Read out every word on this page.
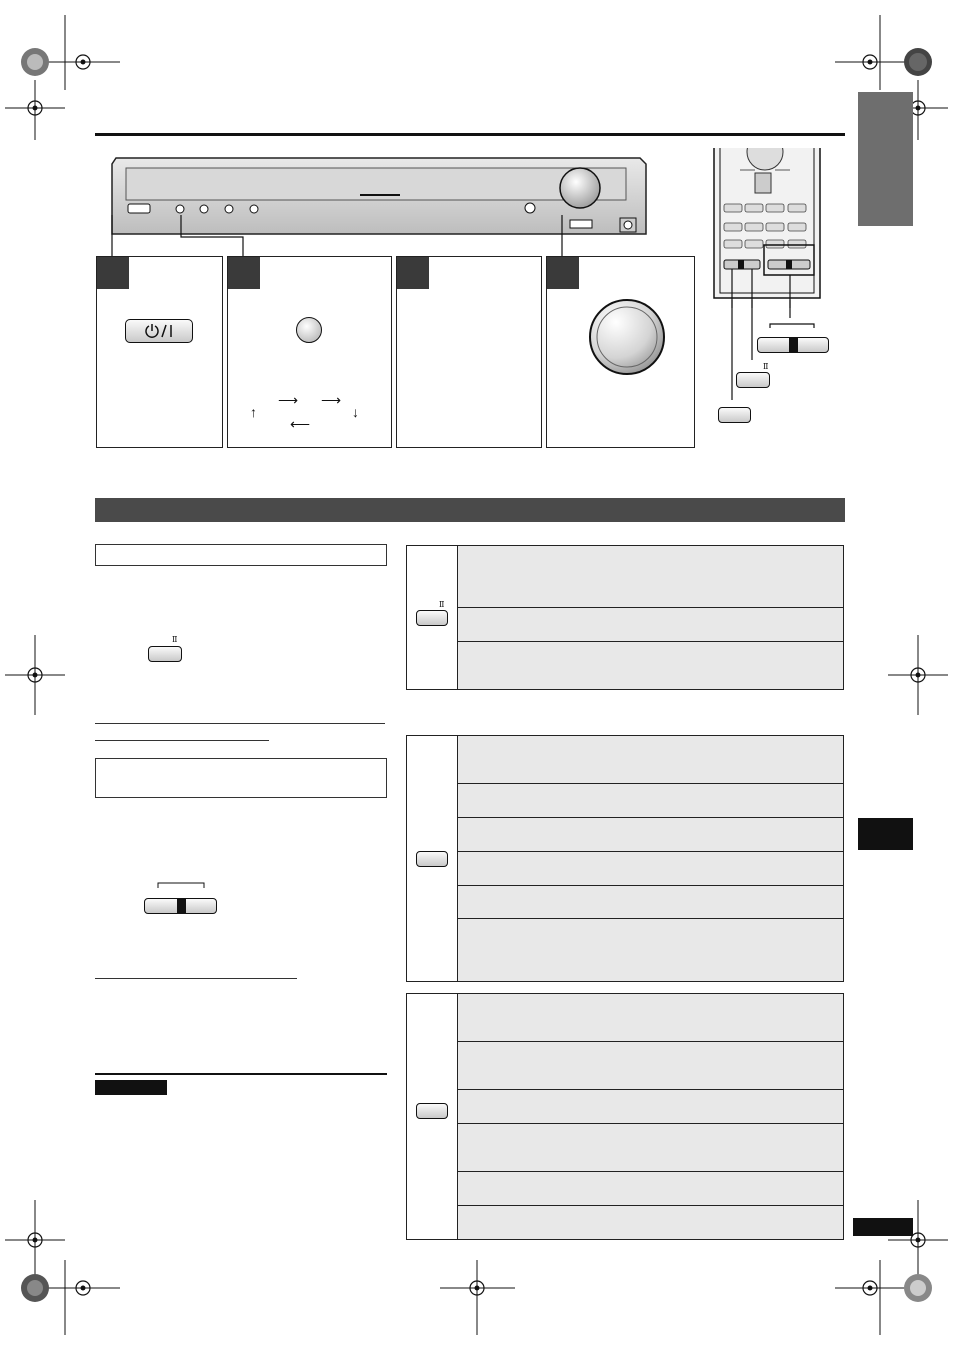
⟶ ⟶
↑	↓
⟵
Ⅱ
Ⅱ
Ⅱ
